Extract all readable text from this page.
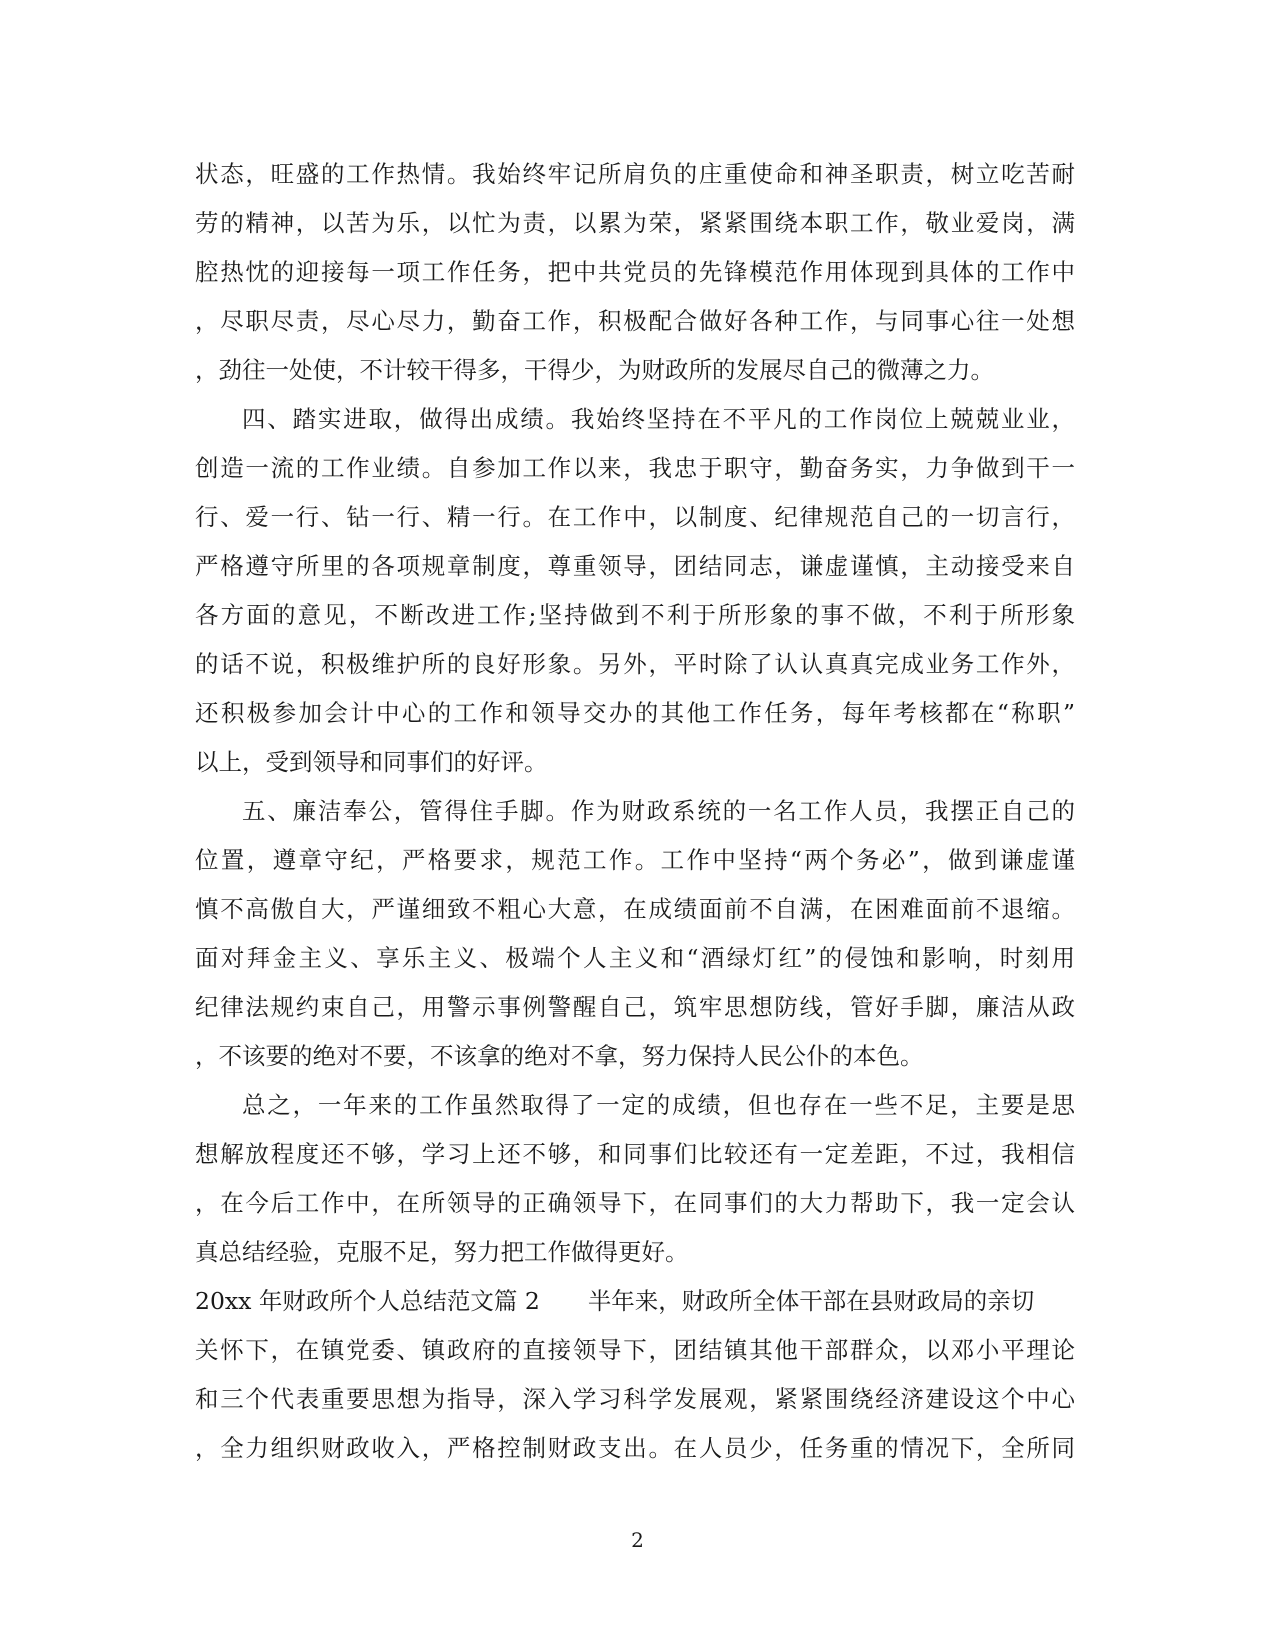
状态，旺盛的工作热情。我始终牢记所肩负的庄重使命和神圣职责，树立吃苦耐
劳的精神，以苦为乐，以忙为责，以累为荣，紧紧围绕本职工作，敬业爱岗，满
腔热忱的迎接每一项工作任务，把中共党员的先锋模范作用体现到具体的工作中
，尽职尽责，尽心尽力，勤奋工作，积极配合做好各种工作，与同事心往一处想
，劲往一处使，不计较干得多，干得少，为财政所的发展尽自己的微薄之力。
四、踏实进取，做得出成绩。我始终坚持在不平凡的工作岗位上兢兢业业，
创造一流的工作业绩。自参加工作以来，我忠于职守，勤奋务实，力争做到干一
行、爱一行、钻一行、精一行。在工作中，以制度、纪律规范自己的一切言行，
严格遵守所里的各项规章制度，尊重领导，团结同志，谦虚谨慎，主动接受来自
各方面的意见，不断改进工作;坚持做到不利于所形象的事不做，不利于所形象
的话不说，积极维护所的良好形象。另外，平时除了认认真真完成业务工作外，
还积极参加会计中心的工作和领导交办的其他工作任务，每年考核都在“称职”
以上，受到领导和同事们的好评。
五、廉洁奉公，管得住手脚。作为财政系统的一名工作人员，我摆正自己的
位置，遵章守纪，严格要求，规范工作。工作中坚持“两个务必”，做到谦虚谨
慎不高傲自大，严谨细致不粗心大意，在成绩面前不自满，在困难面前不退缩。
面对拜金主义、享乐主义、极端个人主义和“酒绿灯红”的侵蚀和影响，时刻用
纪律法规约束自己，用警示事例警醒自己，筑牢思想防线，管好手脚，廉洁从政
，不该要的绝对不要，不该拿的绝对不拿，努力保持人民公仆的本色。
总之，一年来的工作虽然取得了一定的成绩，但也存在一些不足，主要是思
想解放程度还不够，学习上还不够，和同事们比较还有一定差距，不过，我相信
，在今后工作中，在所领导的正确领导下，在同事们的大力帮助下，我一定会认
真总结经验，克服不足，努力把工作做得更好。
20xx 年财政所个人总结范文篇 2 半年来，财政所全体干部在县财政局的亲切
关怀下，在镇党委、镇政府的直接领导下，团结镇其他干部群众，以邓小平理论
和三个代表重要思想为指导，深入学习科学发展观，紧紧围绕经济建设这个中心
，全力组织财政收入，严格控制财政支出。在人员少，任务重的情况下，全所同
2
